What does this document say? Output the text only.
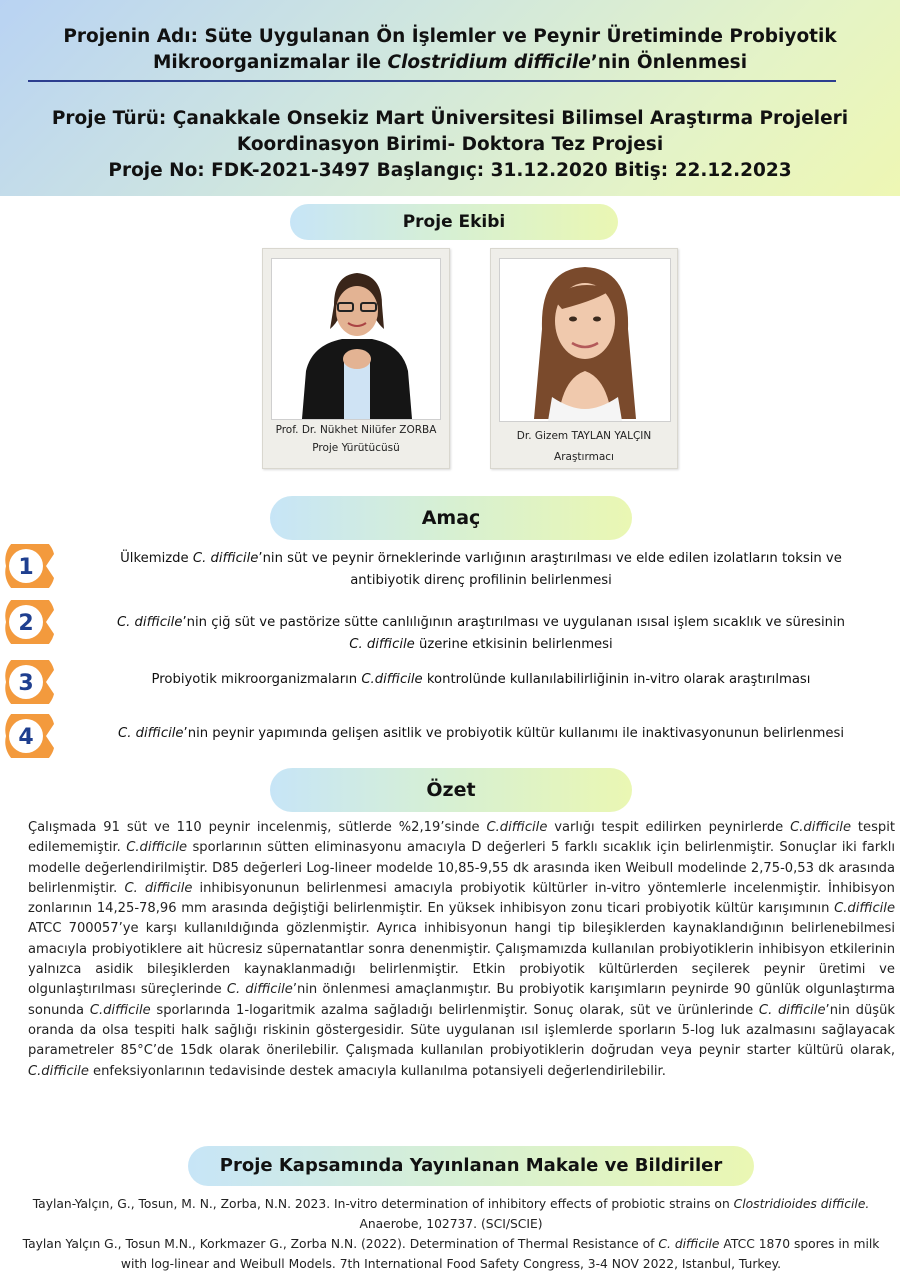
Projenin Adı: Süte Uygulanan Ön İşlemler ve Peynir Üretiminde Probiyotik
Mikroorganizmalar ile Clostridium difficile’nin Önlenmesi
Proje Türü: Çanakkale Onsekiz Mart Üniversitesi Bilimsel Araştırma Projeleri
Koordinasyon Birimi- Doktora Tez Projesi
Proje No: FDK-2021-3497 Başlangıç: 31.12.2020 Bitiş: 22.12.2023
Proje Ekibi
Prof. Dr. Nükhet Nilüfer ZORBA
Proje Yürütücüsü
Dr. Gizem TAYLAN YALÇIN
Araştırmacı
Amaç
1	Ülkemizde C. difficile’nin süt ve peynir örneklerinde varlığının araştırılması ve elde edilen izolatların toksin ve
antibiyotik direnç profilinin belirlenmesi
2	C. difficile’nin çiğ süt ve pastörize sütte canlılığının araştırılması ve uygulanan ısısal işlem sıcaklık ve süresinin
C. difficile üzerine etkisinin belirlenmesi
3	Probiyotik mikroorganizmaların C.difficile kontrolünde kullanılabilirliğinin in-vitro olarak araştırılması
4	C. difficile’nin peynir yapımında gelişen asitlik ve probiyotik kültür kullanımı ile inaktivasyonunun belirlenmesi
Özet
Çalışmada 91 süt ve 110 peynir incelenmiş, sütlerde %2,19’sinde C.difficile varlığı tespit edilirken peynirlerde C.difficile tespit edilememiştir. C.difficile sporlarının sütten eliminasyonu amacıyla D değerleri 5 farklı sıcaklık için belirlenmiştir. Sonuçlar iki farklı modelle değerlendirilmiştir. D85 değerleri Log-lineer modelde 10,85-9,55 dk arasında iken Weibull modelinde 2,75-0,53 dk arasında belirlenmiştir. C. difficile inhibisyonunun belirlenmesi amacıyla probiyotik kültürler in-vitro yöntemlerle incelenmiştir. İnhibisyon zonlarının 14,25-78,96 mm arasında değiştiği belirlenmiştir. En yüksek inhibisyon zonu ticari probiyotik kültür karışımının C.difficile ATCC 700057’ye karşı kullanıldığında gözlenmiştir. Ayrıca inhibisyonun hangi tip bileşiklerden kaynaklandığının belirlenebilmesi amacıyla probiyotiklere ait hücresiz süpernatantlar sonra denenmiştir. Çalışmamızda kullanılan probiyotiklerin inhibisyon etkilerinin yalnızca asidik bileşiklerden kaynaklanmadığı belirlenmiştir. Etkin probiyotik kültürlerden seçilerek peynir üretimi ve olgunlaştırılması süreçlerinde C. difficile’nin önlenmesi amaçlanmıştır. Bu probiyotik karışımların peynirde 90 günlük olgunlaştırma sonunda C.difficile sporlarında 1-logaritmik azalma sağladığı belirlenmiştir. Sonuç olarak, süt ve ürünlerinde C. difficile’nin düşük oranda da olsa tespiti halk sağlığı riskinin göstergesidir. Süte uygulanan ısıl işlemlerde sporların 5-log luk azalmasını sağlayacak parametreler 85°C’de 15dk olarak önerilebilir. Çalışmada kullanılan probiyotiklerin doğrudan veya peynir starter kültürü olarak, C.difficile enfeksiyonlarının tedavisinde destek amacıyla kullanılma potansiyeli değerlendirilebilir.
Proje Kapsamında Yayınlanan Makale ve Bildiriler
Taylan-Yalçın, G., Tosun, M. N., Zorba, N.N. 2023. In-vitro determination of inhibitory effects of probiotic strains on Clostridioides difficile. Anaerobe, 102737. (SCI/SCIE)
Taylan Yalçın G., Tosun M.N., Korkmazer G., Zorba N.N. (2022). Determination of Thermal Resistance of C. difficile ATCC 1870 spores in milk with log-linear and Weibull Models. 7th International Food Safety Congress, 3-4 NOV 2022, Istanbul, Turkey.
